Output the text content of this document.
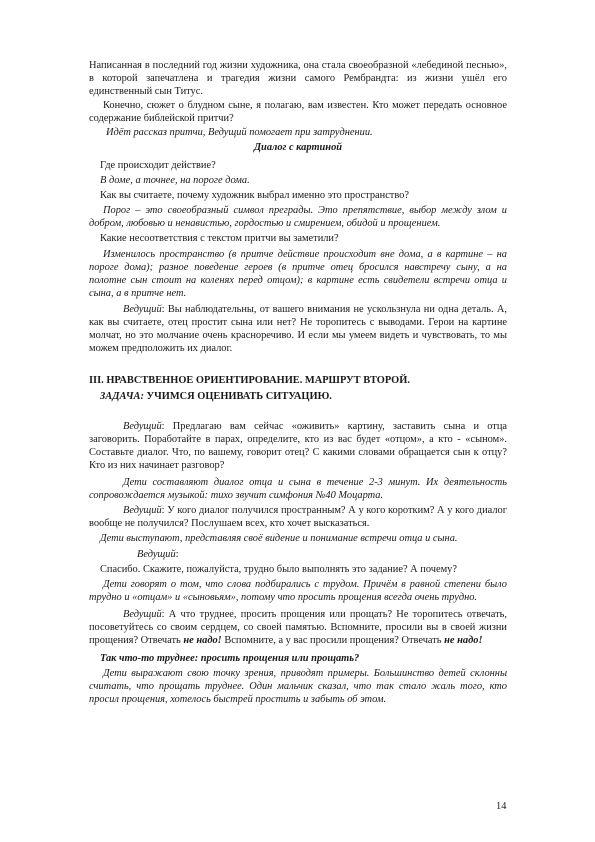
Написанная в последний год жизни художника, она стала своеобразной «лебединой песнью», в которой запечатлена и трагедия жизни самого Рембрандта: из жизни ушёл его единственный сын Титус.

Конечно, сюжет о блудном сыне, я полагаю, вам известен. Кто может передать основное содержание библейской притчи?

Идёт рассказ притчи, Ведущий помогает при затруднении.

Диалог с картиной

Где происходит действие?

В доме, а точнее, на пороге дома.

Как вы считаете, почему художник выбрал именно это пространство?

Порог – это своеобразный символ преграды. Это препятствие, выбор между злом и добром, любовью и ненавистью, гордостью и смирением, обидой и прощением.

Какие несоответствия с текстом притчи вы заметили?

Изменилось пространство (в притче действие происходит вне дома, а в картине – на пороге дома); разное поведение героев (в притче отец бросился навстречу сыну, а на полотне сын стоит на коленях перед отцом); в картине есть свидетели встречи отца и сына, а в притче нет.

Ведущий: Вы наблюдательны, от вашего внимания не ускользнула ни одна деталь. А, как вы считаете, отец простит сына или нет? Не торопитесь с выводами. Герои на картине молчат, но это молчание очень красноречиво. И если мы умеем видеть и чувствовать, то мы можем предположить их диалог.

III. НРАВСТВЕННОЕ ОРИЕНТИРОВАНИЕ. МАРШРУТ ВТОРОЙ.

ЗАДАЧА: УЧИМСЯ ОЦЕНИВАТЬ СИТУАЦИЮ.

Ведущий: Предлагаю вам сейчас «оживить» картину, заставить сына и отца заговорить. Поработайте в парах, определите, кто из вас будет «отцом», а кто - «сыном». Составьте диалог. Что, по вашему, говорит отец? С какими словами обращается сын к отцу? Кто из них начинает разговор?

Дети составляют диалог отца и сына в течение 2-3 минут. Их деятельность сопровождается музыкой: тихо звучит симфония №40 Моцарта.

Ведущий: У кого диалог получился пространным? А у кого коротким? А у кого диалог вообще не получился? Послушаем всех, кто хочет высказаться.

Дети выступают, представляя своё видение и понимание встречи отца и сына.

Ведущий:

Спасибо. Скажите, пожалуйста, трудно было выполнять это задание? А почему?

Дети говорят о том, что слова подбирались с трудом. Причём в равной степени было трудно и «отцам» и «сыновьям», потому что просить прощения всегда очень трудно.

Ведущий: А что труднее, просить прощения или прощать? Не торопитесь отвечать, посоветуйтесь со своим сердцем, со своей памятью. Вспомните, просили вы в своей жизни прощения? Отвечать не надо! Вспомните, а у вас просили прощения? Отвечать не надо!

Так что-то труднее: просить прощения или прощать?

Дети выражают свою точку зрения, приводят примеры. Большинство детей склонны считать, что прощать труднее. Один мальчик сказал, что так стало жаль того, кто просил прощения, хотелось быстрей простить и забыть об этом.

14
